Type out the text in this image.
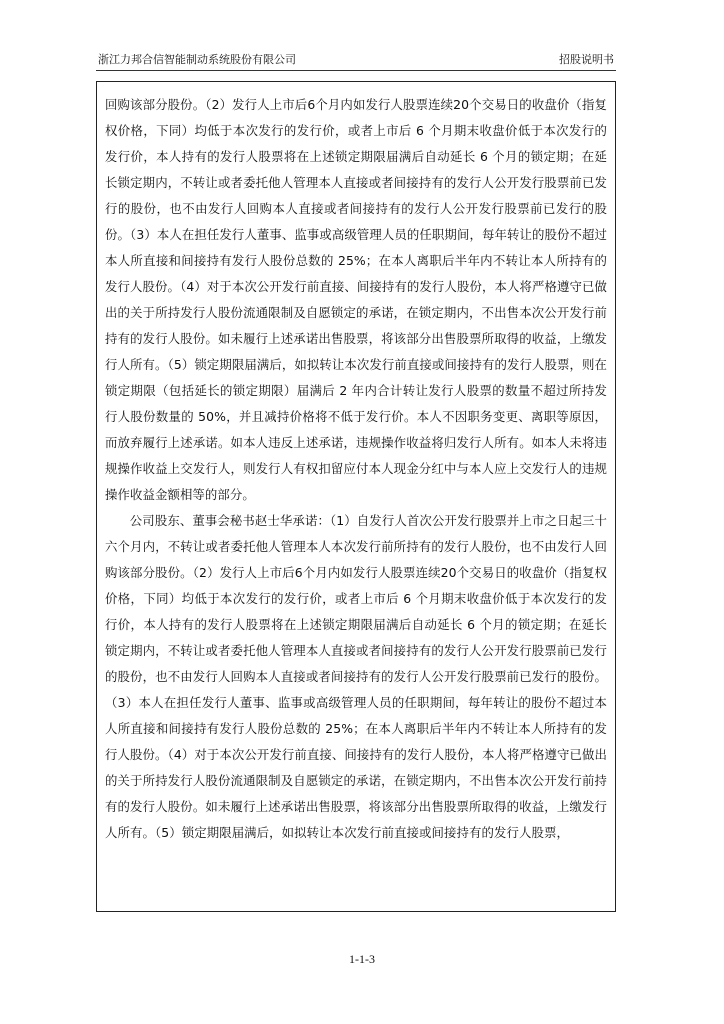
浙江力邦合信智能制动系统股份有限公司	招股说明书

回购该部分股份。（2）发行人上市后6个月内如发行人股票连续20个交易日的收盘价（指复权价格，下同）均低于本次发行的发行价，或者上市后 6 个月期末收盘价低于本次发行的发行价，本人持有的发行人股票将在上述锁定期限届满后自动延长 6 个月的锁定期；在延长锁定期内，不转让或者委托他人管理本人直接或者间接持有的发行人公开发行股票前已发行的股份，也不由发行人回购本人直接或者间接持有的发行人公开发行股票前已发行的股份。（3）本人在担任发行人董事、监事或高级管理人员的任职期间，每年转让的股份不超过本人所直接和间接持有发行人股份总数的 25%；在本人离职后半年内不转让本人所持有的发行人股份。（4）对于本次公开发行前直接、间接持有的发行人股份，本人将严格遵守已做出的关于所持发行人股份流通限制及自愿锁定的承诺，在锁定期内，不出售本次公开发行前持有的发行人股份。如未履行上述承诺出售股票，将该部分出售股票所取得的收益，上缴发行人所有。（5）锁定期限届满后，如拟转让本次发行前直接或间接持有的发行人股票，则在锁定期限（包括延长的锁定期限）届满后 2 年内合计转让发行人股票的数量不超过所持发行人股份数量的 50%，并且减持价格将不低于发行价。本人不因职务变更、离职等原因，而放弃履行上述承诺。如本人违反上述承诺，违规操作收益将归发行人所有。如本人未将违规操作收益上交发行人，则发行人有权扣留应付本人现金分红中与本人应上交发行人的违规操作收益金额相等的部分。

公司股东、董事会秘书赵士华承诺：（1）自发行人首次公开发行股票并上市之日起三十六个月内，不转让或者委托他人管理本人本次发行前所持有的发行人股份，也不由发行人回购该部分股份。（2）发行人上市后6个月内如发行人股票连续20个交易日的收盘价（指复权价格，下同）均低于本次发行的发行价，或者上市后 6 个月期末收盘价低于本次发行的发行价，本人持有的发行人股票将在上述锁定期限届满后自动延长 6 个月的锁定期；在延长锁定期内，不转让或者委托他人管理本人直接或者间接持有的发行人公开发行股票前已发行的股份，也不由发行人回购本人直接或者间接持有的发行人公开发行股票前已发行的股份。（3）本人在担任发行人董事、监事或高级管理人员的任职期间，每年转让的股份不超过本人所直接和间接持有发行人股份总数的 25%；在本人离职后半年内不转让本人所持有的发行人股份。（4）对于本次公开发行前直接、间接持有的发行人股份，本人将严格遵守已做出的关于所持发行人股份流通限制及自愿锁定的承诺，在锁定期内，不出售本次公开发行前持有的发行人股份。如未履行上述承诺出售股票，将该部分出售股票所取得的收益，上缴发行人所有。（5）锁定期限届满后，如拟转让本次发行前直接或间接持有的发行人股票，

1-1-3
